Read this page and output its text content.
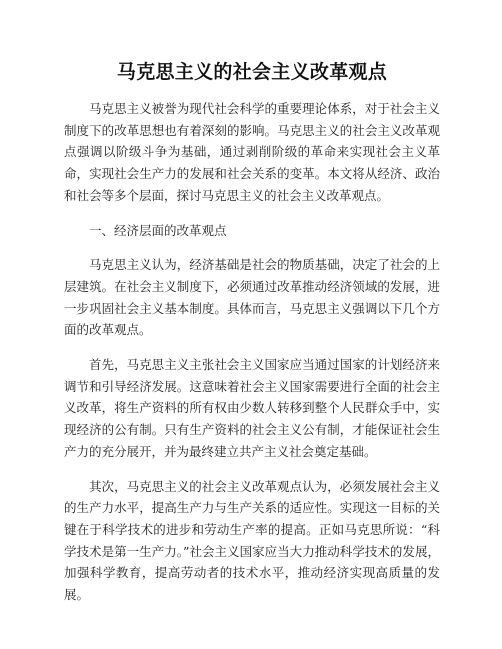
马克思主义的社会主义改革观点

马克思主义被誉为现代社会科学的重要理论体系，对于社会主义制度下的改革思想也有着深刻的影响。马克思主义的社会主义改革观点强调以阶级斗争为基础，通过剥削阶级的革命来实现社会主义革命，实现社会生产力的发展和社会关系的变革。本文将从经济、政治和社会等多个层面，探讨马克思主义的社会主义改革观点。

一、经济层面的改革观点

马克思主义认为，经济基础是社会的物质基础，决定了社会的上层建筑。在社会主义制度下，必须通过改革推动经济领域的发展，进一步巩固社会主义基本制度。具体而言，马克思主义强调以下几个方面的改革观点。

首先，马克思主义主张社会主义国家应当通过国家的计划经济来调节和引导经济发展。这意味着社会主义国家需要进行全面的社会主义改革，将生产资料的所有权由少数人转移到整个人民群众手中，实现经济的公有制。只有生产资料的社会主义公有制，才能保证社会生产力的充分展开，并为最终建立共产主义社会奠定基础。

其次，马克思主义的社会主义改革观点认为，必须发展社会主义的生产力水平，提高生产力与生产关系的适应性。实现这一目标的关键在于科学技术的进步和劳动生产率的提高。正如马克思所说：“科学技术是第一生产力。”社会主义国家应当大力推动科学技术的发展，加强科学教育，提高劳动者的技术水平，推动经济实现高质量的发展。
